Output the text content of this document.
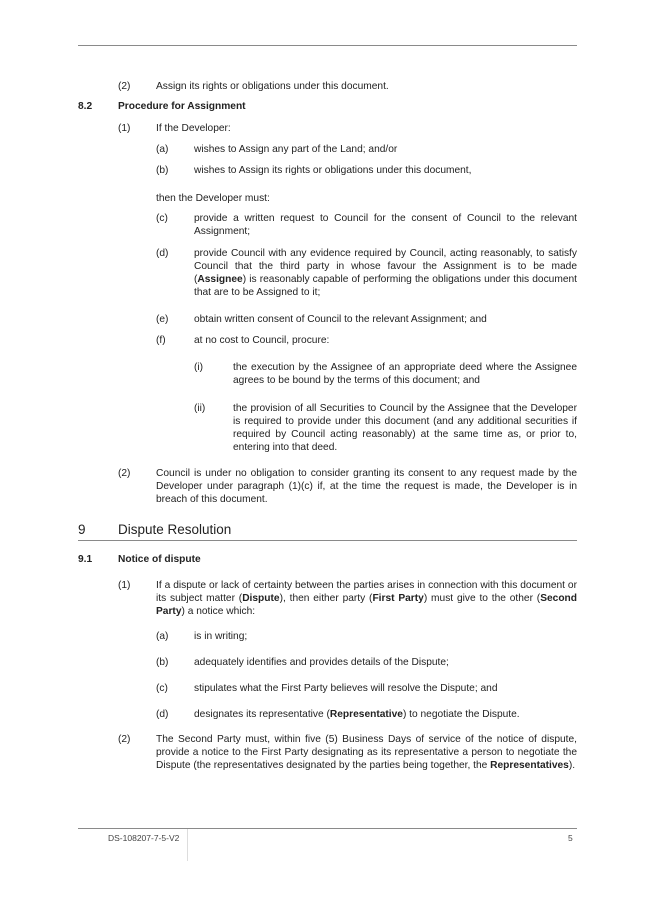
(2)	Assign its rights or obligations under this document.
8.2	Procedure for Assignment
(1)	If the Developer:
(a)	wishes to Assign any part of the Land; and/or
(b)	wishes to Assign its rights or obligations under this document,
then the Developer must:
(c)	provide a written request to Council for the consent of Council to the relevant Assignment;
(d)	provide Council with any evidence required by Council, acting reasonably, to satisfy Council that the third party in whose favour the Assignment is to be made (Assignee) is reasonably capable of performing the obligations under this document that are to be Assigned to it;
(e)	obtain written consent of Council to the relevant Assignment; and
(f)	at no cost to Council, procure:
(i)	the execution by the Assignee of an appropriate deed where the Assignee agrees to be bound by the terms of this document; and
(ii)	the provision of all Securities to Council by the Assignee that the Developer is required to provide under this document (and any additional securities if required by Council acting reasonably) at the same time as, or prior to, entering into that deed.
(2)	Council is under no obligation to consider granting its consent to any request made by the Developer under paragraph (1)(c) if, at the time the request is made, the Developer is in breach of this document.
9 Dispute Resolution
9.1	Notice of dispute
(1)	If a dispute or lack of certainty between the parties arises in connection with this document or its subject matter (Dispute), then either party (First Party) must give to the other (Second Party) a notice which:
(a)	is in writing;
(b)	adequately identifies and provides details of the Dispute;
(c)	stipulates what the First Party believes will resolve the Dispute; and
(d)	designates its representative (Representative) to negotiate the Dispute.
(2)	The Second Party must, within five (5) Business Days of service of the notice of dispute, provide a notice to the First Party designating as its representative a person to negotiate the Dispute (the representatives designated by the parties being together, the Representatives).
DS-108207-7-5-V2	5
